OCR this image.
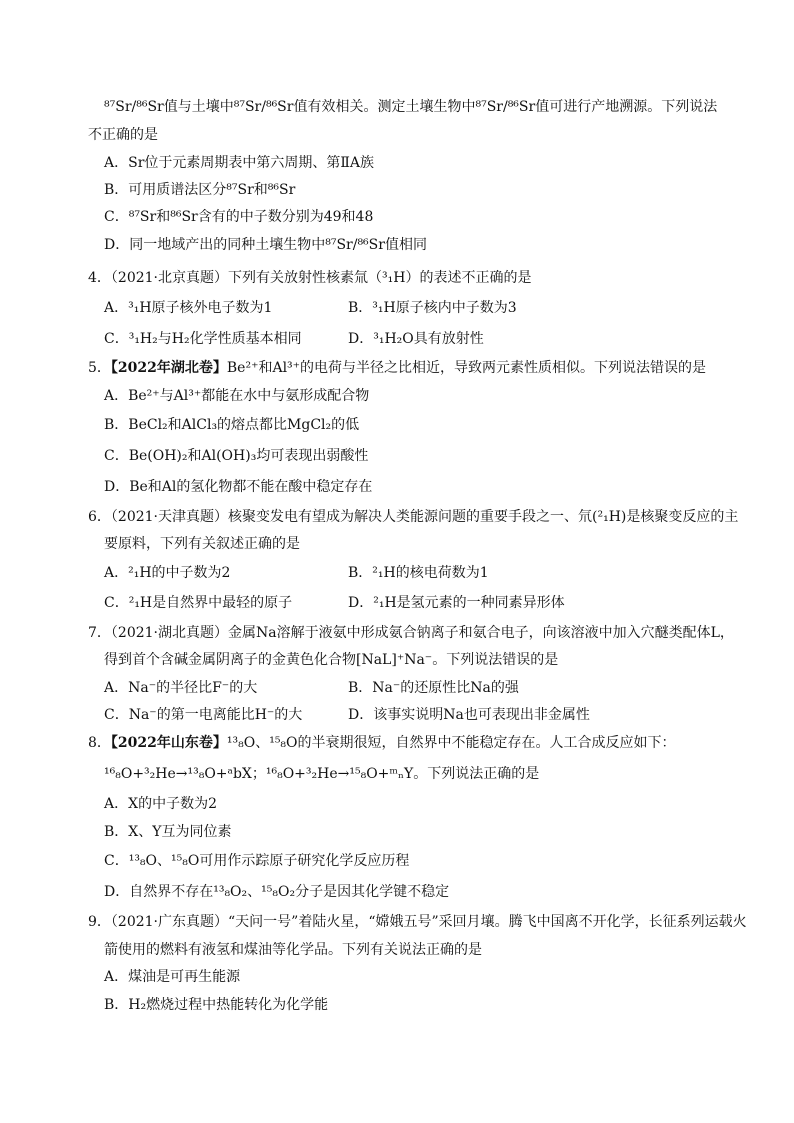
⁸⁷Sr/⁸⁶Sr值与土壤中⁸⁷Sr/⁸⁶Sr值有效相关。测定土壤生物中⁸⁷Sr/⁸⁶Sr值可进行产地溯源。下列说法
不正确的是
A．Sr位于元素周期表中第六周期、第ⅡA族
B．可用质谱法区分⁸⁷Sr和⁸⁶Sr
C．⁸⁷Sr和⁸⁶Sr含有的中子数分别为49和48
D．同一地域产出的同种土壤生物中⁸⁷Sr/⁸⁶Sr值相同
4．（2021·北京真题）下列有关放射性核素氚（³₁H）的表述不正确的是
A．³₁H原子核外电子数为1	B．³₁H原子核内中子数为3
C．³₁H₂与H₂化学性质基本相同	D．³₁H₂O具有放射性
5．【2022年湖北卷】Be²⁺和Al³⁺的电荷与半径之比相近，导致两元素性质相似。下列说法错误的是
A．Be²⁺与Al³⁺都能在水中与氨形成配合物
B．BeCl₂和AlCl₃的熔点都比MgCl₂的低
C．Be(OH)₂和Al(OH)₃均可表现出弱酸性
D．Be和Al的氢化物都不能在酸中稳定存在
6．（2021·天津真题）核聚变发电有望成为解决人类能源问题的重要手段之一、氘(²₁H)是核聚变反应的主
要原料，下列有关叙述正确的是
A．²₁H的中子数为2	B．²₁H的核电荷数为1
C．²₁H是自然界中最轻的原子	D．²₁H是氢元素的一种同素异形体
7．（2021·湖北真题）金属Na溶解于液氨中形成氨合钠离子和氨合电子，向该溶液中加入穴醚类配体L，
得到首个含碱金属阴离子的金黄色化合物[NaL]⁺Na⁻。下列说法错误的是
A．Na⁻的半径比F⁻的大	B．Na⁻的还原性比Na的强
C．Na⁻的第一电离能比H⁻的大	D．该事实说明Na也可表现出非金属性
8．【2022年山东卷】¹³₈O、¹⁵₈O的半衰期很短，自然界中不能稳定存在。人工合成反应如下：
¹⁶₈O+³₂He→¹³₈O+ᵃbX；¹⁶₈O+³₂He→¹⁵₈O+ᵐₙY。下列说法正确的是
A．X的中子数为2
B．X、Y互为同位素
C．¹³₈O、¹⁵₈O可用作示踪原子研究化学反应历程
D．自然界不存在¹³₈O₂、¹⁵₈O₂分子是因其化学键不稳定
9．（2021·广东真题）“天问一号”着陆火星，“嫦娥五号”采回月壤。腾飞中国离不开化学，长征系列运载火
箭使用的燃料有液氢和煤油等化学品。下列有关说法正确的是
A．煤油是可再生能源
B．H₂燃烧过程中热能转化为化学能
